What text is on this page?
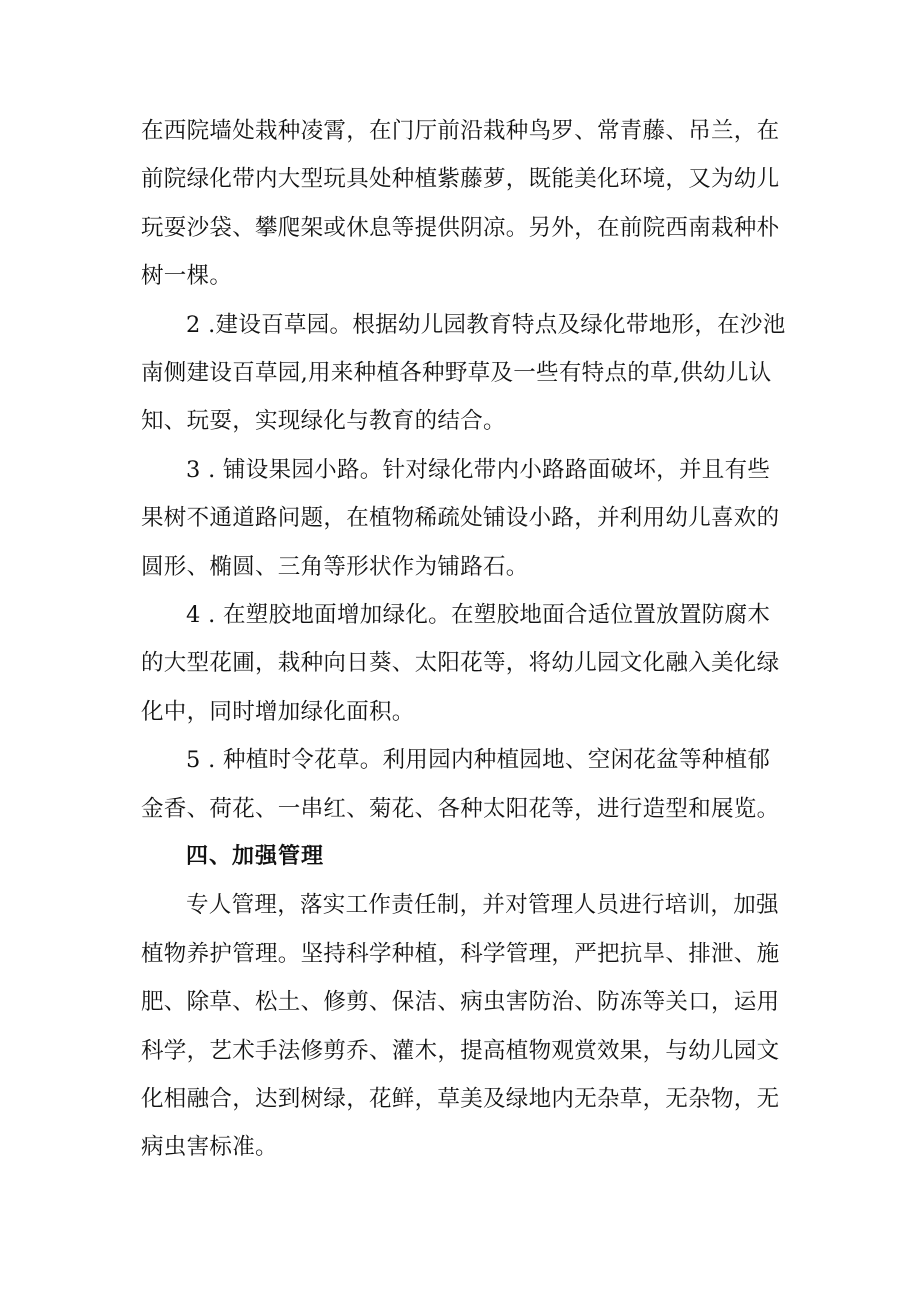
在西院墙处栽种凌霄，在门厅前沿栽种鸟罗、常青藤、吊兰，在
前院绿化带内大型玩具处种植紫藤萝，既能美化环境，又为幼儿
玩耍沙袋、攀爬架或休息等提供阴凉。另外，在前院西南栽种朴
树一棵。
2 .建设百草园。根据幼儿园教育特点及绿化带地形，在沙池
南侧建设百草园,用来种植各种野草及一些有特点的草,供幼儿认
知、玩耍，实现绿化与教育的结合。
3 . 铺设果园小路。针对绿化带内小路路面破坏，并且有些
果树不通道路问题，在植物稀疏处铺设小路，并利用幼儿喜欢的
圆形、椭圆、三角等形状作为铺路石。
4 . 在塑胶地面增加绿化。在塑胶地面合适位置放置防腐木
的大型花圃，栽种向日葵、太阳花等，将幼儿园文化融入美化绿
化中，同时增加绿化面积。
5 . 种植时令花草。利用园内种植园地、空闲花盆等种植郁
金香、荷花、一串红、菊花、各种太阳花等，进行造型和展览。
四、加强管理
专人管理，落实工作责任制，并对管理人员进行培训，加强
植物养护管理。坚持科学种植，科学管理，严把抗旱、排泄、施
肥、除草、松土、修剪、保洁、病虫害防治、防冻等关口，运用
科学，艺术手法修剪乔、灌木，提高植物观赏效果，与幼儿园文
化相融合，达到树绿，花鲜，草美及绿地内无杂草，无杂物，无
病虫害标准。
